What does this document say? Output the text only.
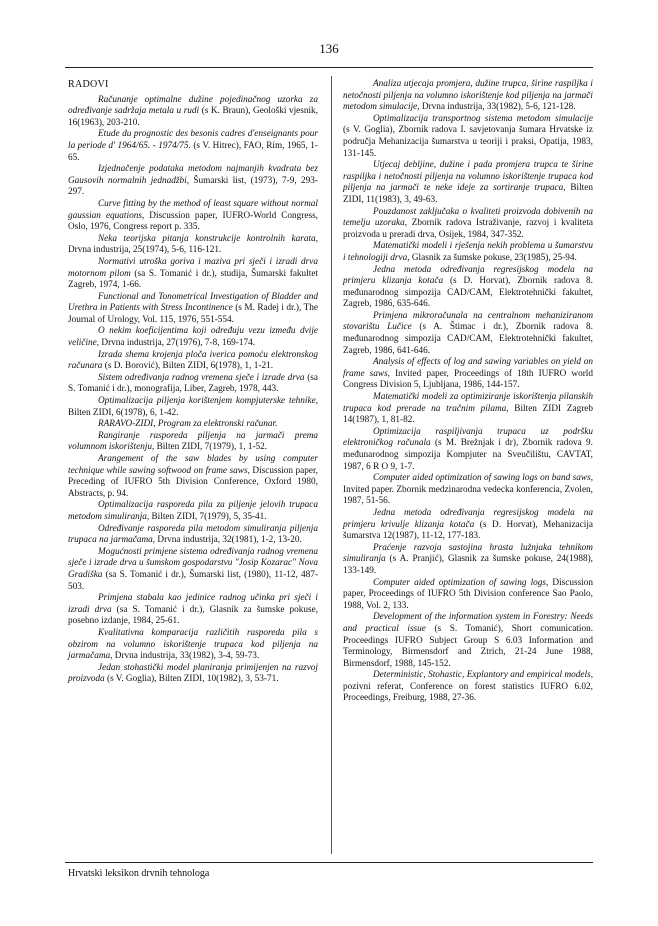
136
RADOVI

Računanje optimalne dužine pojedinačnog uzorka za određivanje sadržaja metala u rudi (s K. Braun), Geološki vjesnik, 16(1963), 203-210.

Etude du prognostic des besonis cadres d'enseignants pour la periode d' 1964/65. - 1974/75. (s V. Hitrec), FAO, Rim, 1965, 1-65.

Izjednačenje podataka metodom najmanjih kvadrata bez Gausovih normalnih jednadžbi, Šumarski list, (1973), 7-9, 293-297.

Curve fitting by the method of least square without normal gaussian equations, Discussion paper, IUFRO-World Congress, Oslo, 1976, Congress report p. 335.

Neka teorijska pitanja konstrukcije kontrolnih karata, Drvna industrija, 25(1974), 5-6, 116-121.

Normativi utroška goriva i maziva pri sječi i izradi drva motornom pilom (sa S. Tomanić i dr.), studija, Šumarski fakultet Zagreb, 1974, 1-66.

Functional and Tonometrical Investigation of Bladder and Urethra in Patients with Stress Incontinence (s M. Radej i dr.), The Journal of Urology, Vol. 115, 1976, 551-554.

O nekim koeficijentima koji određuju vezu između dvije veličine, Drvna industrija, 27(1976), 7-8, 169-174.

Izrada shema krojenja ploča iverica pomoću elektronskog računara (s D. Borović), Bilten ZIDI, 6(1978), 1, 1-21.

Sistem određivanja radnog vremena sječe i izrade drva (sa S. Tomanić i dr.), monografija, Liber, Zagreb, 1978, 443.

Optimalizacija piljenja korištenjem kompjuterske tehnike, Bilten ZIDI, 6(1978), 6, 1-42.

RARAVO-ZIDI, Program za elektronski računar.

Rangiranje rasporeda piljenja na jarmači prema volumnom iskorištenju, Bilten ZIDI, 7(1979), 1, 1-52.

Arangement of the saw blades by using computer technique while sawing softwood on frame saws, Discussion paper, Preceding of IUFRO 5th Division Conference, Oxford 1980, Abstracts, p. 94.

Optimalizacija rasporeda pila za piljenje jelovih trupaca metodom simuliranja, Bilten ZIDI, 7(1979), 5, 35-41.

Određivanje rasporeda pila metodom simuliranja piljenja trupaca na jarmačama, Drvna industrija, 32(1981), 1-2, 13-20.

Mogućnosti primjene sistema određivanja radnog vremena sječe i izrade drva u šumskom gospodarstvu "Josip Kozarac" Nova Gradiška (sa S. Tomanić i dr.), Šumarski list, (1980), 11-12, 487-503.

Primjena stabala kao jedinice radnog učinka pri sječi i izradi drva (sa S. Tomanić i dr.), Glasnik za šumske pokuse, posebno izdanje, 1984, 25-61.

Kvalitativna komparacija različitih rasporeda pila s obzirom na volumno iskorištenje trupaca kod piljenja na jarmačama, Drvna industrija, 33(1982), 3-4, 59-73.

Jedan stohastički model planiranja primijenjen na razvoj proizvoda (s V. Goglia), Bilten ZIDI, 10(1982), 3, 53-71.

Analiza utjecaja promjera, dužine trupca, širine raspiljka i netočnosti piljenja na volumno iskorištenje kod piljenja na jarmači metodom simulacije, Drvna industrija, 33(1982), 5-6, 121-128.

Optimalizacija transportnog sistema metodom simulacije (s V. Goglia), Zbornik radova I. savjetovanja šumara Hrvatske iz područja Mehanizacija šumarstva u teoriji i praksi, Opatija, 1983, 131-145.

Utjecaj debljine, dužine i pada promjera trupca te širine raspiljka i netočnosti piljenja na volumno iskorištenje trupaca kod piljenja na jarmači te neke ideje za sortiranje trupaca, Bilten ZIDI, 11(1983), 3, 49-63.

Pouzdanost zaključaka o kvaliteti proizvoda dobivenih na temelju uzoraka, Zbornik radova Istraživanje, razvoj i kvaliteta proizvoda u preradi drva, Osijek, 1984, 347-352.

Matematički modeli i rješenja nekih problema u šumarstvu i tehnologiji drva, Glasnik za šumske pokuse, 23(1985), 25-94.

Jedna metoda određivanja regresijskog modela na primjeru klizanja kotača (s D. Horvat), Zbornik radova 8. međunarodnog simpozija CAD/CAM, Elektrotehnički fakultet, Zagreb, 1986, 635-646.

Primjena mikroračunala na centralnom mehaniziranom stovarištu Lučice (s A. Štimac i dr.), Zbornik radova 8. međunarodnog simpozija CAD/CAM, Elektrotehnički fakultet, Zagreb, 1986, 641-646.

Analysis of effects of log and sawing variables on yield on frame saws, Invited paper, Proceedings of 18th IUFRO world Congress Division 5, Ljubljana, 1986, 144-157.

Matematički modeli za optimiziranje iskorištenja pilanskih trupaca kod prerade na tračnim pilama, Bilten ZIDI Zagreb 14(1987), 1, 81-82.

Optimizacija raspiljivanja trupaca uz podršku elektroničkog računala (s M. Brežnjak i dr), Zbornik radova 9. međunarodnog simpozija Kompjuter na Sveučilištu, CAVTAT, 1987, 6 R O 9, 1-7.

Computer aided optimization of sawing logs on band saws, Invited paper. Zbornik medzinarodna vedecka konferencia, Zvolen, 1987, 51-56.

Jedna metoda određivanja regresijskog modela na primjeru krivulje klizanja kotača (s D. Horvat), Mehanizacija šumarstva 12(1987), 11-12, 177-183.

Praćenje razvoja sastojina hrasta lužnjaka tehnikom simuliranja (s A. Pranjić), Glasnik za šumske pokuse, 24(1988), 133-149.

Computer aided optimization of sawing logs, Discussion paper, Proceedings of IUFRO 5th Division conference Sao Paolo, 1988, Vol. 2, 133.

Development of the information system in Forestry: Needs and practical issue (s S. Tomanić), Short comunication. Proceedings IUFRO Subject Group S 6.03 Information and Terminology, Birmensdorf and Ztrich, 21-24 June 1988, Birmensdorf, 1988, 145-152.

Deterministic, Stohastic, Explantory and empirical models, pozivni referat, Conference on forest statistics IUFRO 6.02, Proceedings, Freiburg, 1988, 27-36.

Hrvatski leksikon drvnih tehnologa
